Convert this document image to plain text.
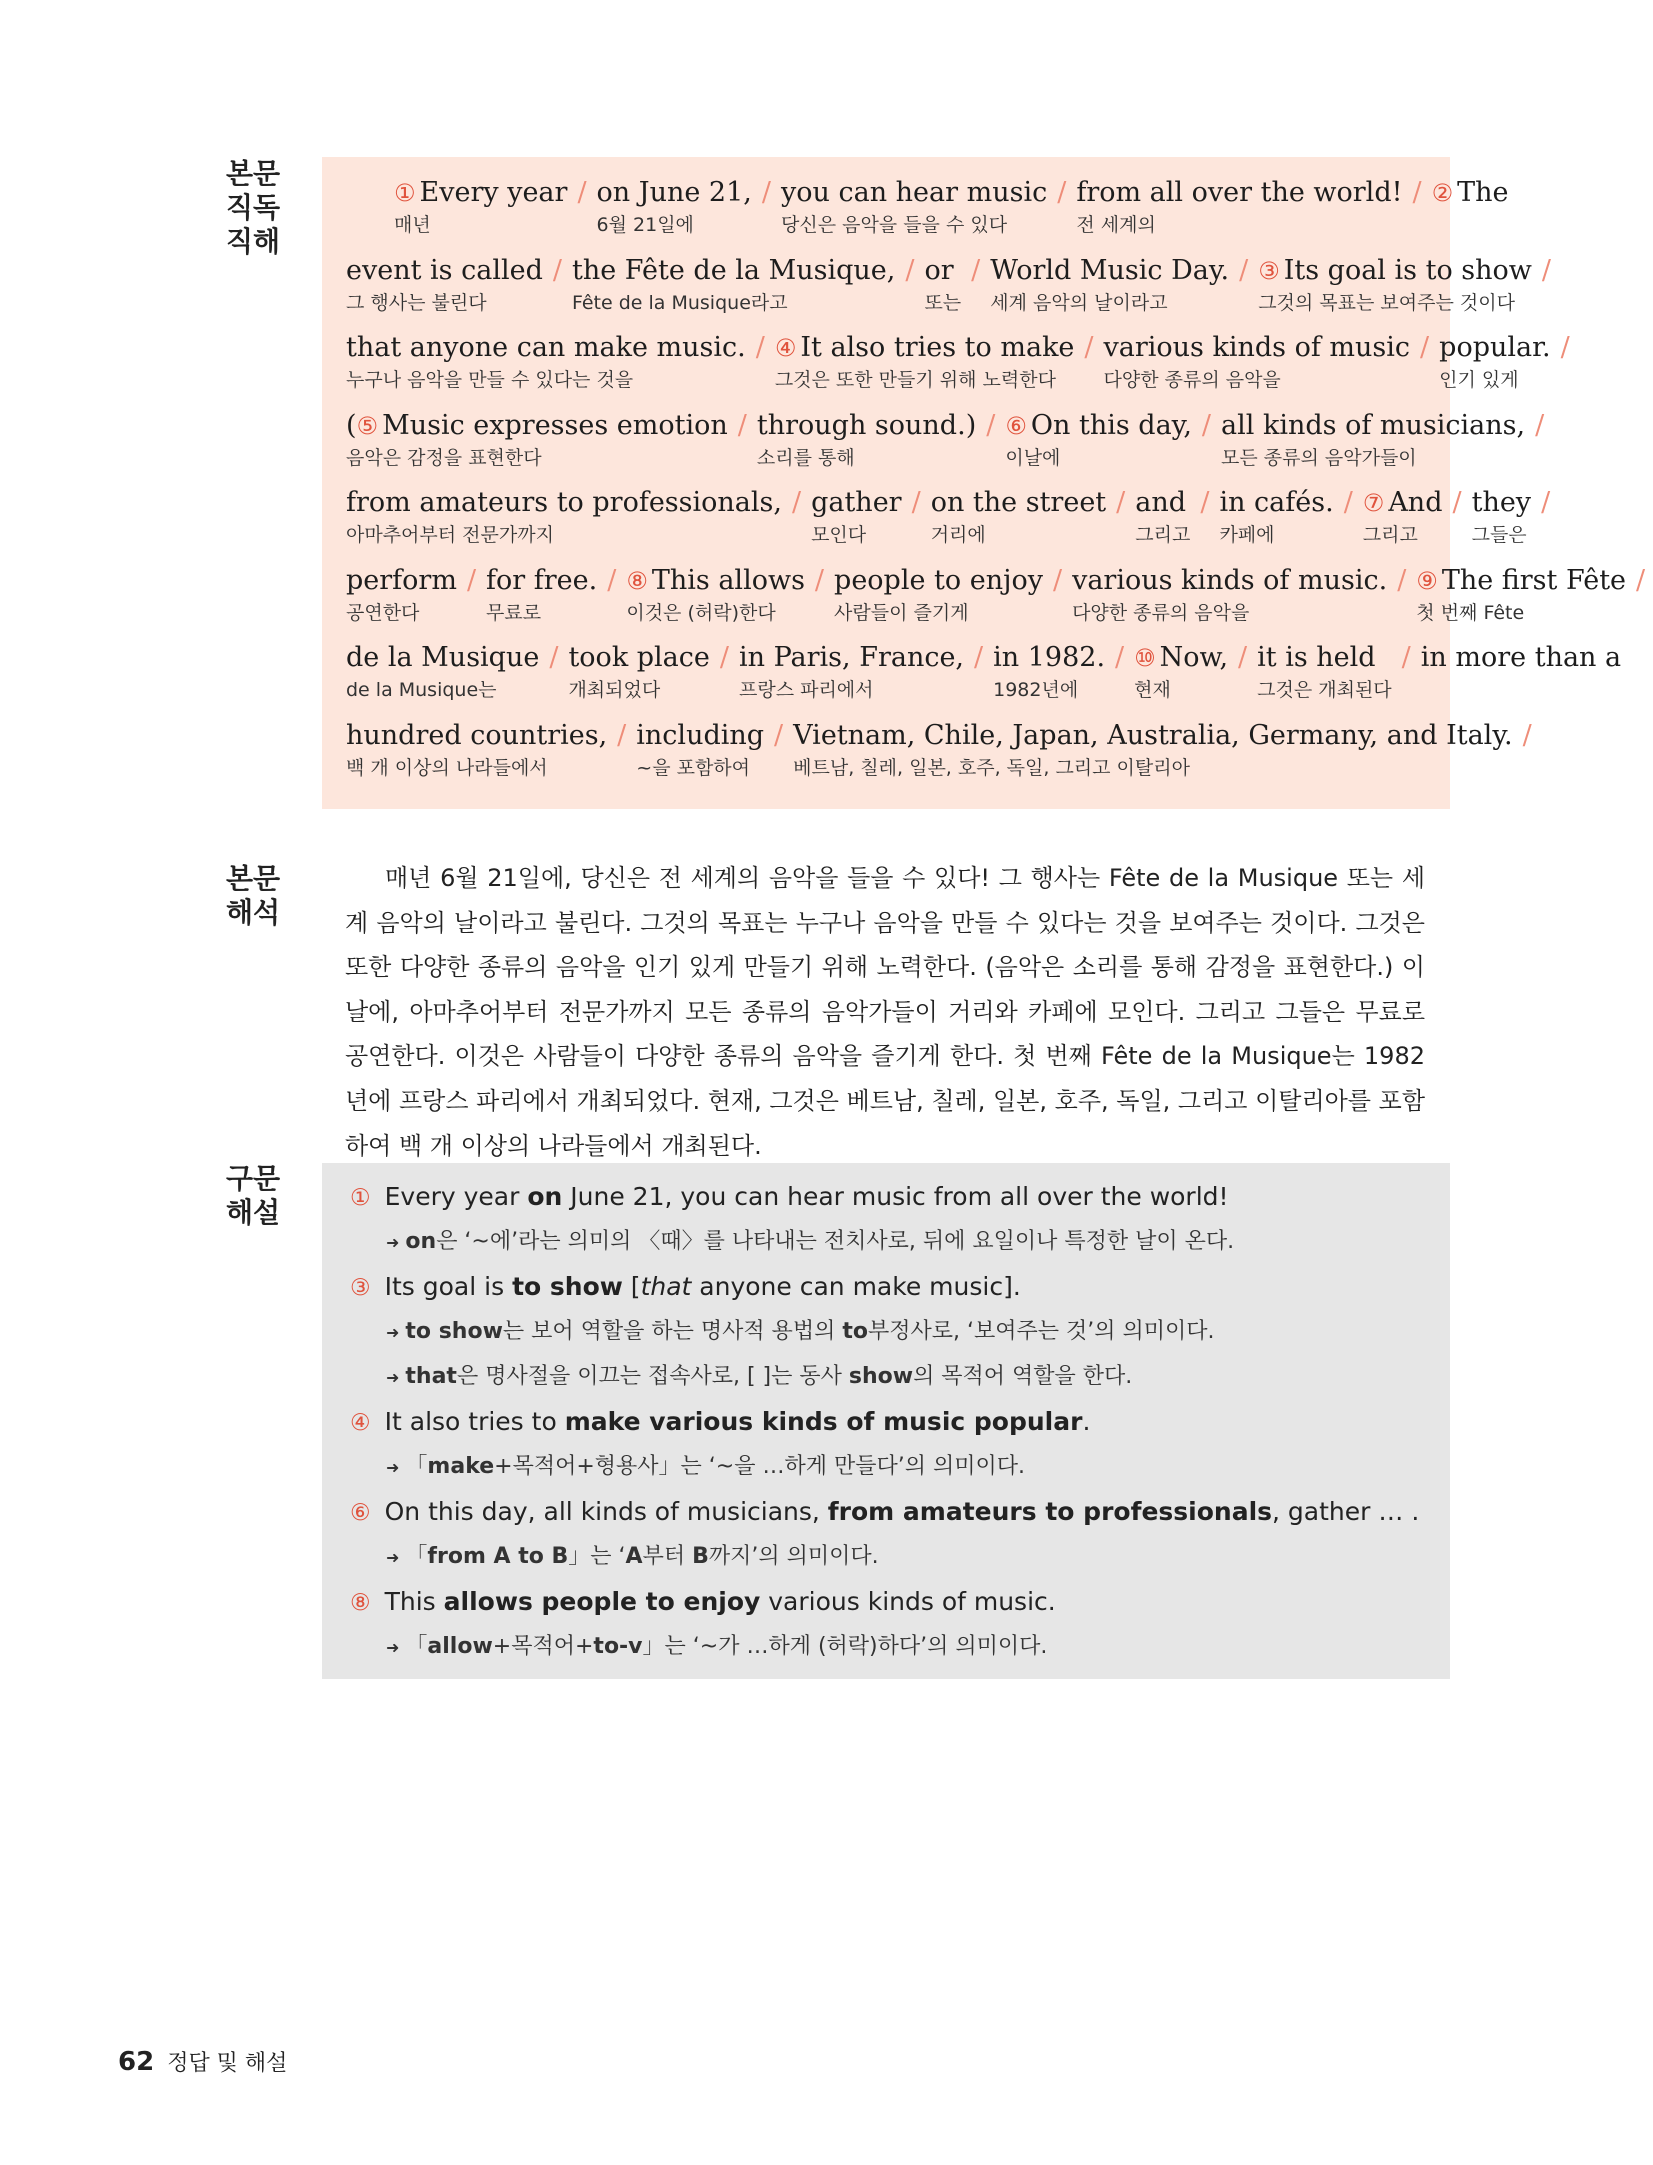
본문
직독
직해
① Every year
매년
/ on June 21,
6월 21일에
/ you can hear music
당신은 음악을 들을 수 있다
/ from all over the world!
전 세계의
/ ② The
event is called
그 행사는 불린다
/ the Fête de la Musique,
Fête de la Musique라고
/ or
또는
/ World Music Day.
세계 음악의 날이라고
/ ③ Its goal is to show
그것의 목표는 보여주는 것이다
/
that anyone can make music.
누구나 음악을 만들 수 있다는 것을
/ ④ It also tries to make
그것은 또한 만들기 위해 노력한다
/ various kinds of music
다양한 종류의 음악을
/ popular.
인기 있게
/
(⑤ Music expresses emotion
음악은 감정을 표현한다
/ through sound.)
소리를 통해
/ ⑥ On this day,
이날에
/ all kinds of musicians,
모든 종류의 음악가들이
/
from amateurs to professionals,
아마추어부터 전문가까지
/ gather
모인다
/ on the street
거리에
/ and
그리고
/ in cafés.
카페에
/ ⑦ And
그리고
/ they
그들은
/
perform
공연한다
/ for free.
무료로
/ ⑧ This allows
이것은 (허락)한다
/ people to enjoy
사람들이 즐기게
/ various kinds of music.
다양한 종류의 음악을
/ ⑨ The first Fête
첫 번째 Fête
/
de la Musique
de la Musique는
/ took place
개최되었다
/ in Paris, France,
프랑스 파리에서
/ in 1982.
1982년에
/ ⑩ Now,
현재
/ it is held
그것은 개최된다
/ in more than a
hundred countries,
백 개 이상의 나라들에서
/ including
~을 포함하여
/ Vietnam, Chile, Japan, Australia, Germany, and Italy.
베트남, 칠레, 일본, 호주, 독일, 그리고 이탈리아
/
본문
해석
매년 6월 21일에, 당신은 전 세계의 음악을 들을 수 있다! 그 행사는 Fête de la Musique 또는 세계 음악의 날이라고 불린다. 그것의 목표는 누구나 음악을 만들 수 있다는 것을 보여주는 것이다. 그것은 또한 다양한 종류의 음악을 인기 있게 만들기 위해 노력한다. (음악은 소리를 통해 감정을 표현한다.) 이날에, 아마추어부터 전문가까지 모든 종류의 음악가들이 거리와 카페에 모인다. 그리고 그들은 무료로 공연한다. 이것은 사람들이 다양한 종류의 음악을 즐기게 한다. 첫 번째 Fête de la Musique는 1982년에 프랑스 파리에서 개최되었다. 현재, 그것은 베트남, 칠레, 일본, 호주, 독일, 그리고 이탈리아를 포함하여 백 개 이상의 나라들에서 개최된다.
구문
해설	① Every year on June 21, you can hear music from all over the world!
➜ on은 ‘~에’라는 의미의 〈때〉를 나타내는 전치사로, 뒤에 요일이나 특정한 날이 온다.
③ Its goal is to show [that anyone can make music].
➜ to show는 보어 역할을 하는 명사적 용법의 to부정사로, ‘보여주는 것’의 의미이다.
➜ that은 명사절을 이끄는 접속사로, [ ]는 동사 show의 목적어 역할을 한다.
④ It also tries to make various kinds of music popular.
➜ 「make+목적어+형용사」는 ‘~을 …하게 만들다’의 의미이다.
⑥ On this day, all kinds of musicians, from amateurs to professionals, gather … .
➜ 「from A to B」는 ‘A부터 B까지’의 의미이다.
⑧ This allows people to enjoy various kinds of music.
➜ 「allow+목적어+to-v」는 ‘~가 …하게 (허락)하다’의 의미이다.
62 정답 및 해설
